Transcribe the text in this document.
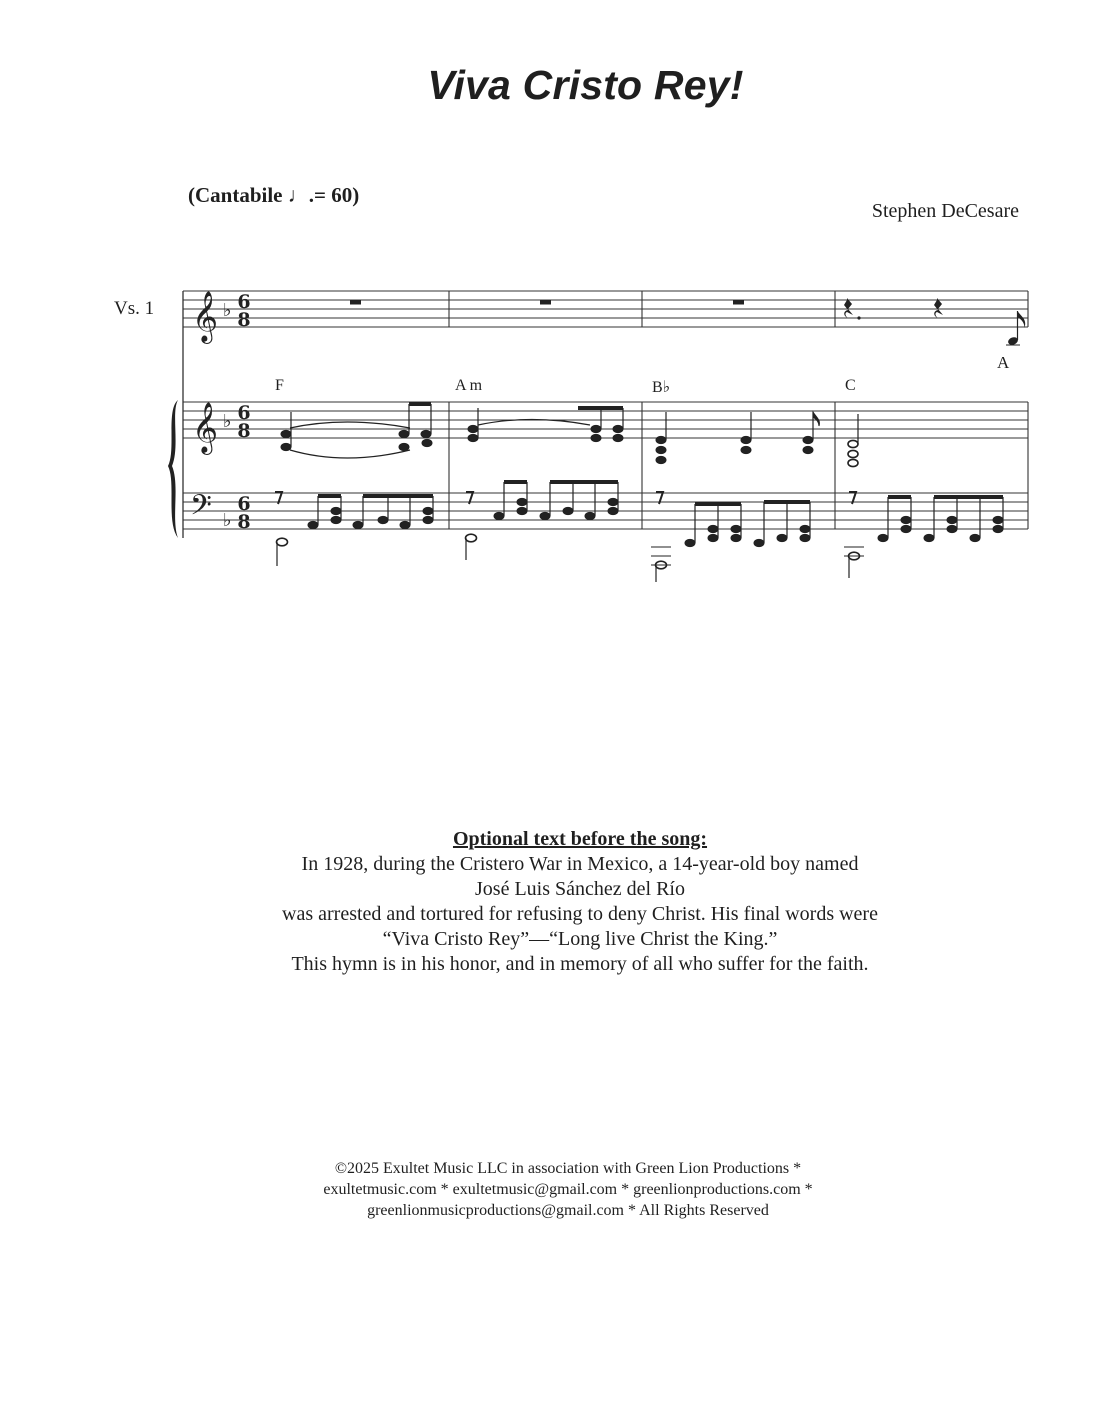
Viva Cristo Rey!
(Cantabile ♩.= 60)
Stephen DeCesare
Vs. 1
F	A m	B♭	C
A
𝄞
𝄞
𝄢
♭
♭
♭
6
8
6
8
6
8
Optional text before the song:
In 1928, during the Cristero War in Mexico, a 14-year-old boy named
José Luis Sánchez del Río
was arrested and tortured for refusing to deny Christ. His final words were
“Viva Cristo Rey”—“Long live Christ the King.”
This hymn is in his honor, and in memory of all who suffer for the faith.
©2025 Exultet Music LLC in association with Green Lion Productions *
exultetmusic.com * exultetmusic@gmail.com * greenlionproductions.com *
greenlionmusicproductions@gmail.com * All Rights Reserved
